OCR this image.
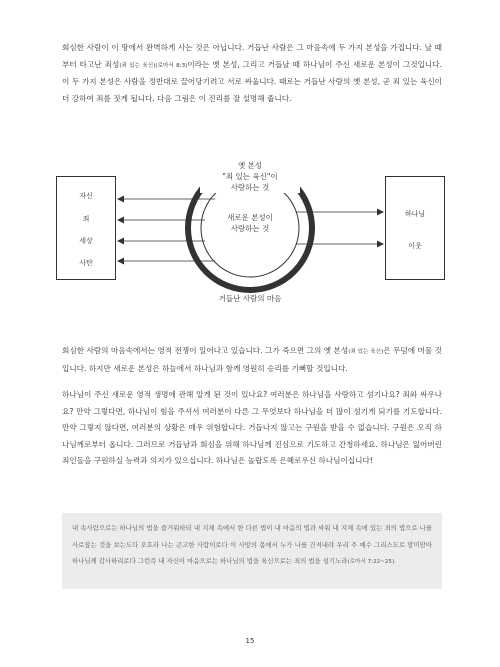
회심한 사람이 이 땅에서 완벽하게 사는 것은 아닙니다. 거듭난 사람은 그 마음속에 두 가지 본성을 가집니다. 날 때부터 타고난 죄성(죄 있는 육신)(로마서 8:3)이라는 옛 본성, 그리고 거듭날 때 하나님이 주신 새로운 본성이 그것입니다. 이 두 가지 본성은 사람을 정반대로 끌어당기려고 서로 싸웁니다. 때로는 거듭난 사람의 옛 본성, 곧 죄 있는 육신이 더 강하여 죄를 짓게 됩니다. 다음 그림은 이 진리를 잘 설명해 줍니다.

자신
죄
세상
사탄
하나님
이웃
옛 본성
"죄 있는 육신"이
사랑하는 것
새로운 본성이
사랑하는 것
거듭난 사람의 마음

회심한 사람의 마음속에서는 영적 전쟁이 일어나고 있습니다. 그가 죽으면 그의 옛 본성(죄 있는 육신)은 무덤에 머물 것입니다. 하지만 새로운 본성은 하늘에서 하나님과 함께 영원히 승리를 기뻐할 것입니다.

하나님이 주신 새로운 영적 생명에 관해 알게 된 것이 있나요? 여러분은 하나님을 사랑하고 섬기나요? 죄와 싸우나요? 만약 그렇다면, 하나님이 힘을 주셔서 여러분이 다른 그 무엇보다 하나님을 더 많이 섬기게 되기를 기도합니다. 만약 그렇지 않다면, 여러분의 상황은 매우 위험합니다. 거듭나지 않고는 구원을 받을 수 없습니다. 구원은 오직 하나님께로부터 옵니다. 그러므로 거듭남과 회심을 위해 하나님께 진심으로 기도하고 간청하세요. 하나님은 잃어버린 죄인들을 구원하실 능력과 의지가 있으십니다. 하나님은 놀랍도록 은혜로우신 하나님이십니다!

내 속사람으로는 하나님의 법을 즐거워하되 내 지체 속에서 한 다른 법이 내 마음의 법과 싸워 내 지체 속에 있는 죄의 법으로 나를 사로잡는 것을 보는도다 오호라 나는 곤고한 사람이로다 이 사망의 몸에서 누가 나를 건져내랴 우리 주 예수 그리스도로 말미암아 하나님께 감사하리로다 그런즉 내 자신이 마음으로는 하나님의 법을 육신으로는 죄의 법을 섬기노라(로마서 7:22~25).

15
